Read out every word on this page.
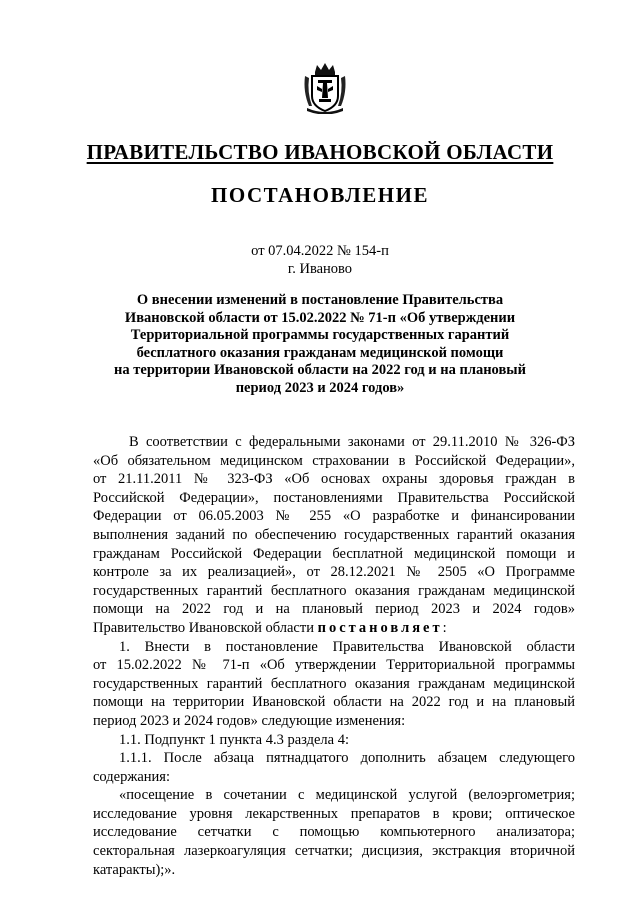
ПРАВИТЕЛЬСТВО ИВАНОВСКОЙ ОБЛАСТИ
ПОСТАНОВЛЕНИЕ
от 07.04.2022 № 154-п
г. Иваново
О внесении изменений в постановление Правительства
Ивановской области от 15.02.2022 № 71-п «Об утверждении
Территориальной программы государственных гарантий
бесплатного оказания гражданам медицинской помощи
на территории Ивановской области на 2022 год и на плановый
период 2023 и 2024 годов»
В соответствии с федеральными законами от 29.11.2010 № 326-ФЗ
«Об обязательном медицинском страховании в Российской Федерации»,
от 21.11.2011 № 323-ФЗ «Об основах охраны здоровья граждан в
Российской Федерации», постановлениями Правительства Российской
Федерации от 06.05.2003 № 255 «О разработке и финансировании
выполнения заданий по обеспечению государственных гарантий оказания
гражданам Российской Федерации бесплатной медицинской помощи и
контроле за их реализацией», от 28.12.2021 № 2505 «О Программе
государственных гарантий бесплатного оказания гражданам медицинской
помощи на 2022 год и на плановый период 2023 и 2024 годов»
Правительство Ивановской области постановляет:
1. Внести в постановление Правительства Ивановской области
от 15.02.2022 № 71-п «Об утверждении Территориальной программы
государственных гарантий бесплатного оказания гражданам медицинской
помощи на территории Ивановской области на 2022 год и на плановый
период 2023 и 2024 годов» следующие изменения:
1.1. Подпункт 1 пункта 4.3 раздела 4:
1.1.1. После абзаца пятнадцатого дополнить абзацем следующего
содержания:
«посещение в сочетании с медицинской услугой (велоэргометрия;
исследование уровня лекарственных препаратов в крови; оптическое
исследование сетчатки с помощью компьютерного анализатора;
секторальная лазеркоагуляция сетчатки; дисцизия, экстракция вторичной
катаракты);».
